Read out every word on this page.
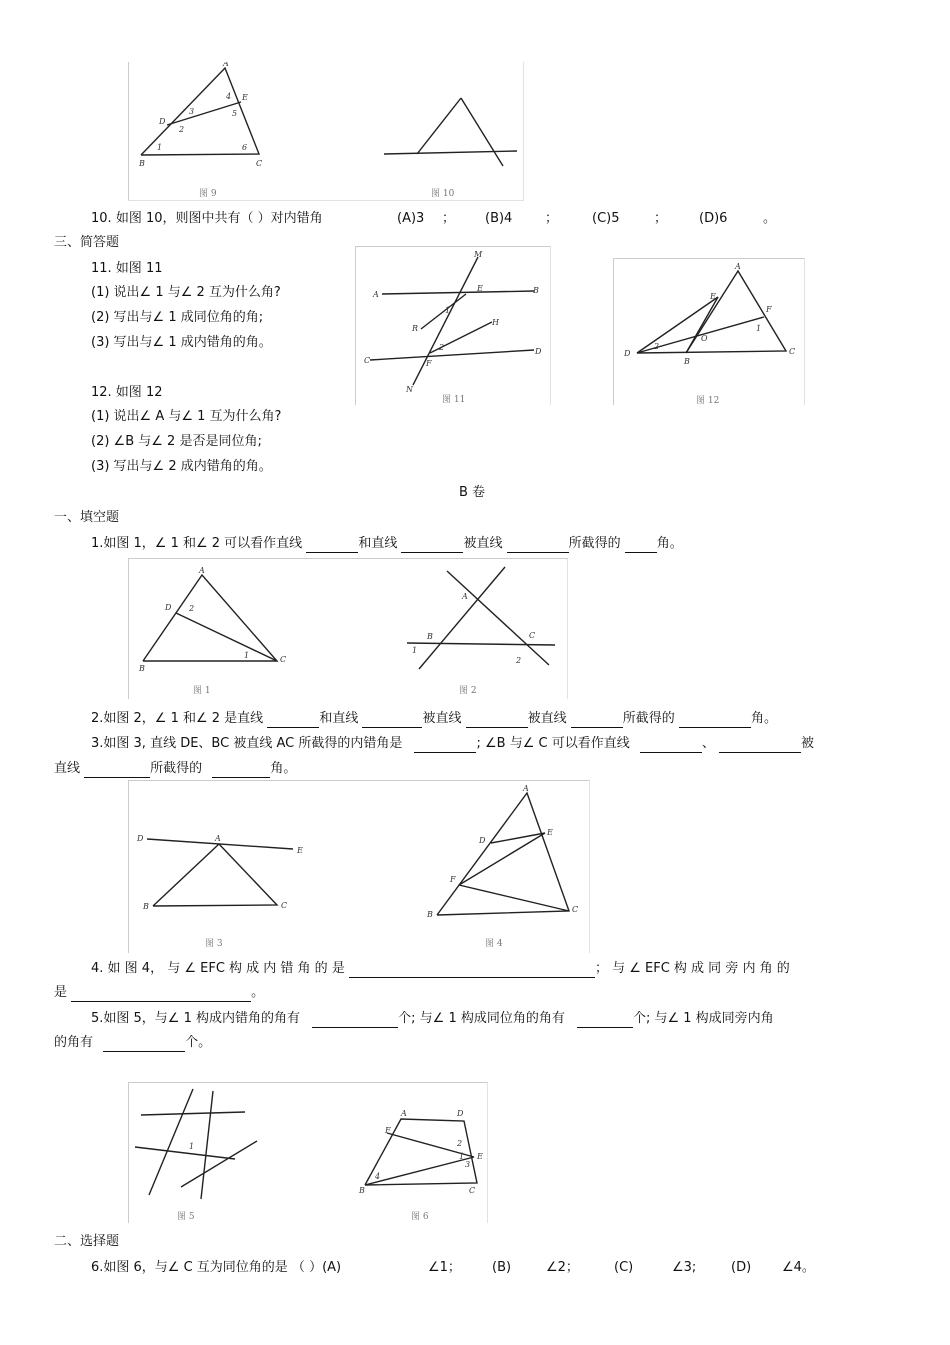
A
B	C
D
E
1
2
3
4
5
6
图 9	图 10
10. 如图 10，则图中共有（ ）对内错角	(A)3 ； (B)4	；	(C)5	； (D)6	。
三、简答题
11. 如图 11
(1) 说出∠ 1 与∠ 2 互为什么角?
(2) 写出与∠ 1 成同位角的角;
(3) 写出与∠ 1 成内错角的角。
A	B
C
D
E
F
M
N
R
H
1
2
图 11
A
B
C
D
E
F
O
1
2
图 12
12. 如图 12
(1) 说出∠ A 与∠ 1 互为什么角?
(2) ∠B 与∠ 2 是否是同位角;
(3) 写出与∠ 2 成内错角的角。
B 卷
一、填空题
1.如图 1，∠ 1 和∠ 2 可以看作直线	和直线	被直线	所截得的	角。
A
B
C
D
1
2
图 1
A
B	C
1
2
图 2
2.如图 2，∠ 1 和∠ 2 是直线	和直线	被直线	被直线	所截得的	角。
3.如图 3, 直线 DE、BC 被直线 AC 所截得的内错角是	; ∠B 与∠ C 可以看作直线	、	被
直线	所截得的	角。
D
E
A
B	C
图 3
A
B
C
D
E
F
图 4
4. 如 图 4， 与 ∠ EFC 构 成 内 错 角 的 是	； 与 ∠ EFC 构 成 同 旁 内 角 的
是	。
5.如图 5，与∠ 1 构成内错角的角有	个; 与∠ 1 构成同位角的角有	个; 与∠ 1 构成同旁内角
的角有	个。
1
图 5
A
B	C
D
E
F
1
2
3
4
图 6
二、选择题
6.如图 6，与∠ C 互为同位角的是 （ ）(A)	∠1； (B)	∠2；	(C)	∠3;	(D) ∠4。
